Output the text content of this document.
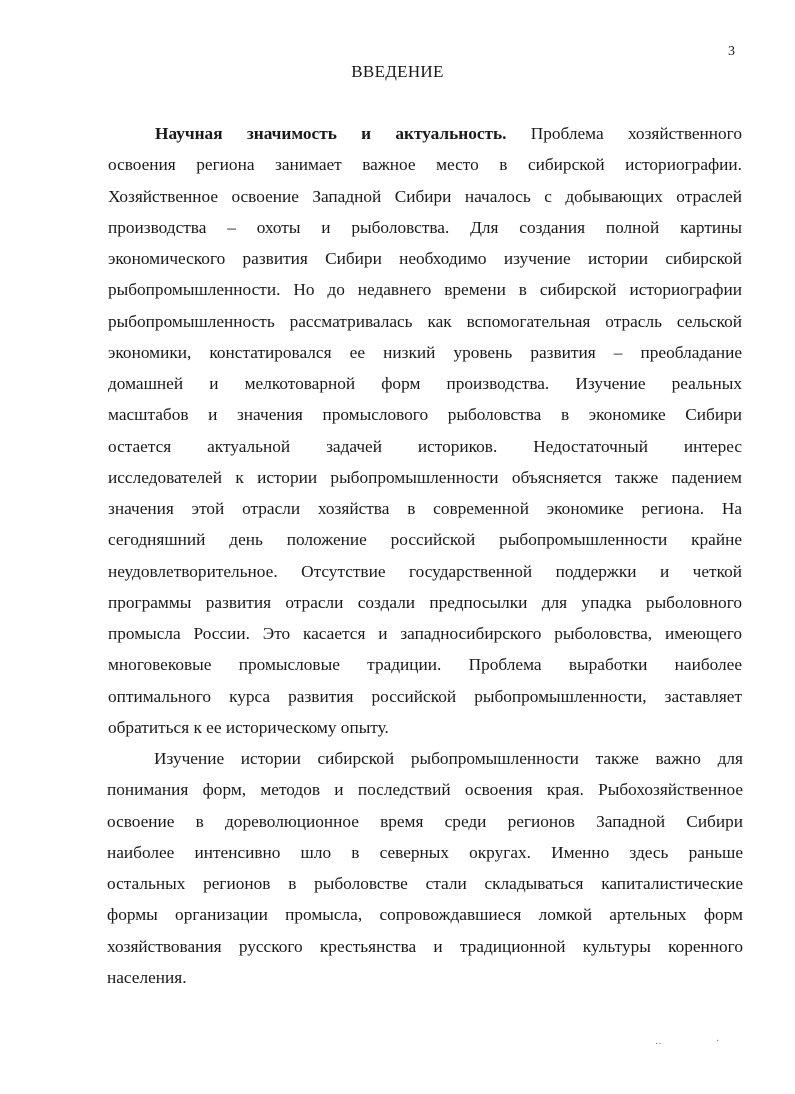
3
ВВЕДЕНИЕ
Научная значимость и актуальность. Проблема хозяйственного
освоения региона занимает важное место в сибирской историографии.
Хозяйственное освоение Западной Сибири началось с добывающих отраслей
производства – охоты и рыболовства. Для создания полной картины
экономического развития Сибири необходимо изучение истории сибирской
рыбопромышленности. Но до недавнего времени в сибирской историографии
рыбопромышленность рассматривалась как вспомогательная отрасль сельской
экономики, констатировался ее низкий уровень развития – преобладание
домашней и мелкотоварной форм производства. Изучение реальных
масштабов и значения промыслового рыболовства в экономике Сибири
остается актуальной задачей историков. Недостаточный интерес
исследователей к истории рыбопромышленности объясняется также падением
значения этой отрасли хозяйства в современной экономике региона. На
сегодняшний день положение российской рыбопромышленности крайне
неудовлетворительное. Отсутствие государственной поддержки и четкой
программы развития отрасли создали предпосылки для упадка рыболовного
промысла России. Это касается и западносибирского рыболовства, имеющего
многовековые промысловые традиции. Проблема выработки наиболее
оптимального курса развития российской рыбопромышленности, заставляет
обратиться к ее историческому опыту.
Изучение истории сибирской рыбопромышленности также важно для
понимания форм, методов и последствий освоения края. Рыбохозяйственное
освоение в дореволюционное время среди регионов Западной Сибири
наиболее интенсивно шло в северных округах. Именно здесь раньше
остальных регионов в рыболовстве стали складываться капиталистические
формы организации промысла, сопровождавшиеся ломкой артельных форм
хозяйствования русского крестьянства и традиционной культуры коренного
населения.
‥	·
